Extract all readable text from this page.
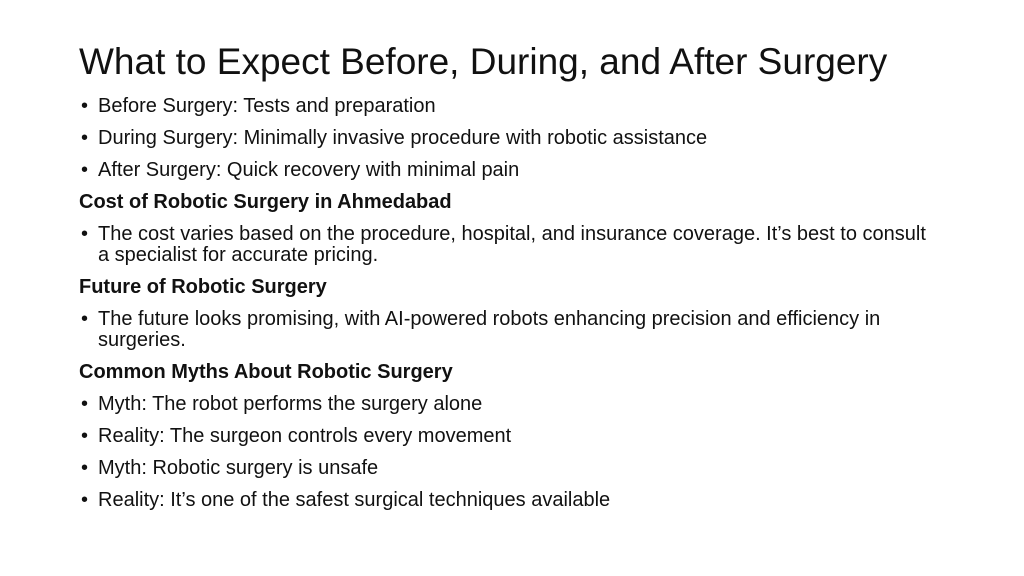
What to Expect Before, During, and After Surgery
• Before Surgery: Tests and preparation
• During Surgery: Minimally invasive procedure with robotic assistance
• After Surgery: Quick recovery with minimal pain
Cost of Robotic Surgery in Ahmedabad
• The cost varies based on the procedure, hospital, and insurance coverage. It’s best to consult a specialist for accurate pricing.
Future of Robotic Surgery
• The future looks promising, with AI-powered robots enhancing precision and efficiency in surgeries.
Common Myths About Robotic Surgery
• Myth: The robot performs the surgery alone
• Reality: The surgeon controls every movement
• Myth: Robotic surgery is unsafe
• Reality: It’s one of the safest surgical techniques available
